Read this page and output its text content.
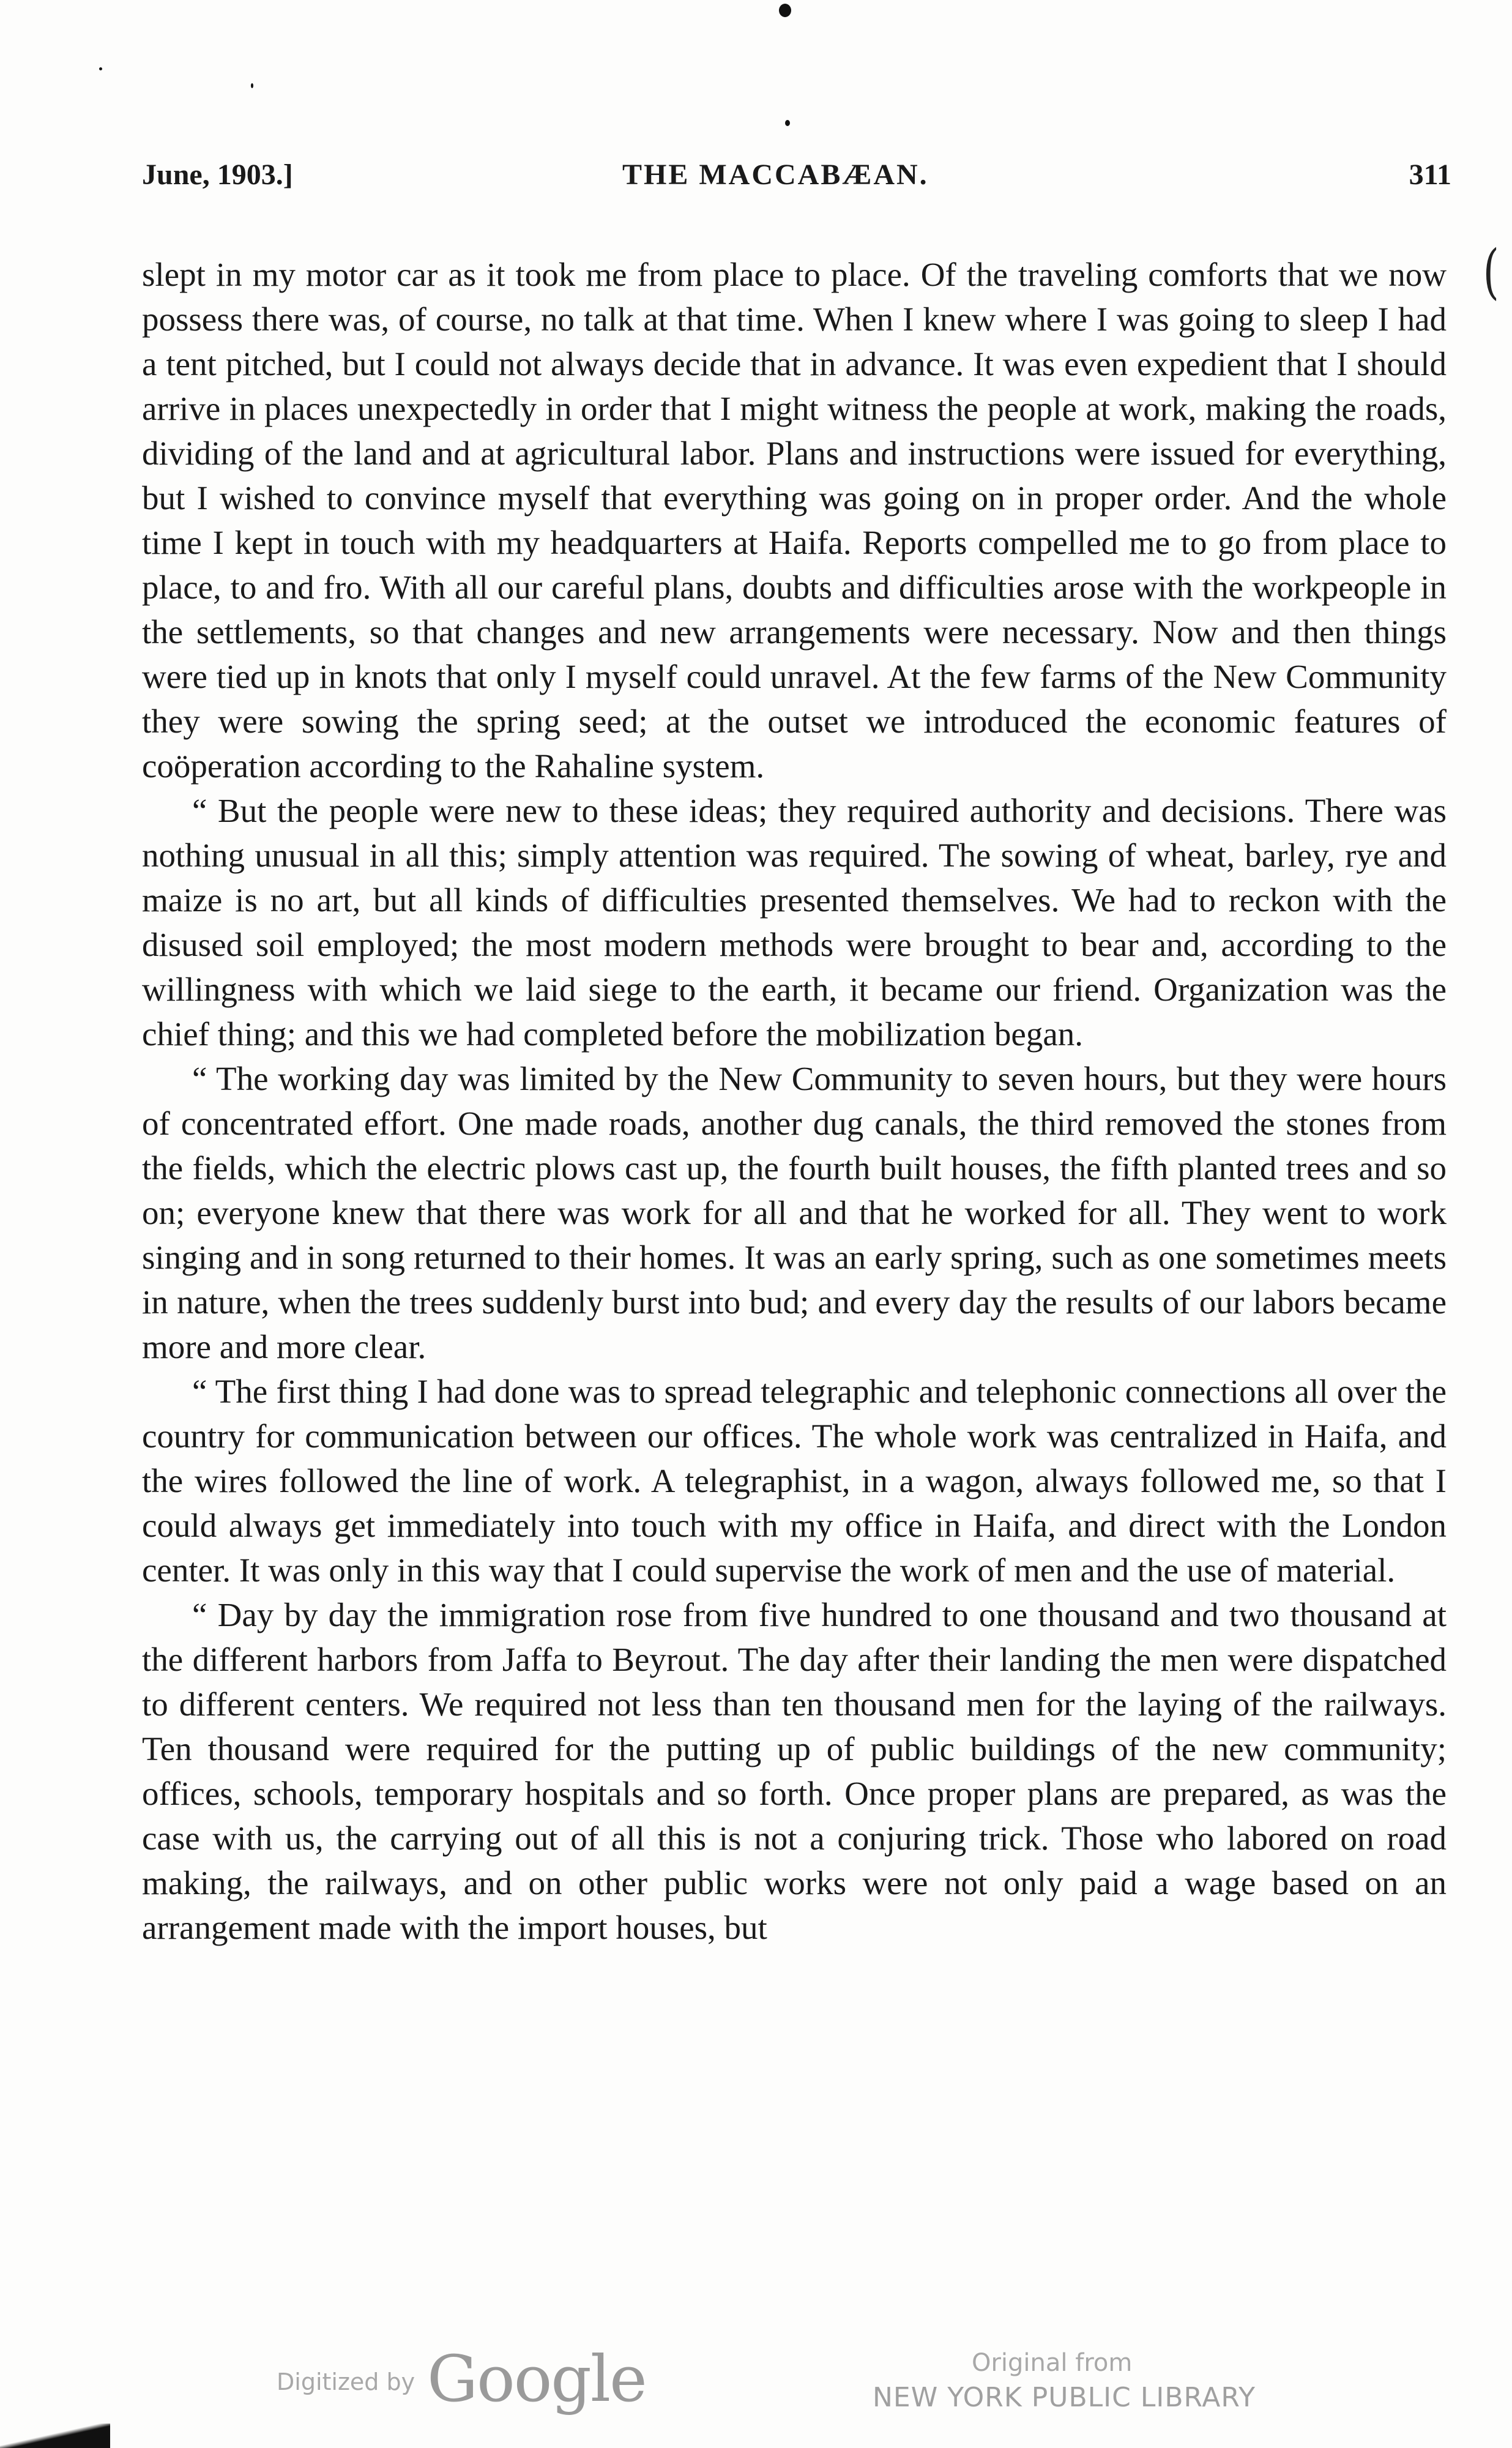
June, 1903.]	THE MACCABÆAN.	311
(

slept in my motor car as it took me from place to place. Of the traveling comforts that we now possess there was, of course, no talk at that time. When I knew where I was going to sleep I had a tent pitched, but I could not always decide that in advance. It was even expedient that I should arrive in places unexpectedly in order that I might witness the people at work, making the roads, dividing of the land and at agricultural labor. Plans and instructions were issued for everything, but I wished to convince myself that everything was going on in proper order. And the whole time I kept in touch with my headquarters at Haifa. Reports compelled me to go from place to place, to and fro. With all our careful plans, doubts and difficulties arose with the workpeople in the settlements, so that changes and new arrangements were necessary. Now and then things were tied up in knots that only I myself could unravel. At the few farms of the New Community they were sowing the spring seed; at the outset we introduced the economic features of coöperation according to the Rahaline system.

“ But the people were new to these ideas; they required authority and decisions. There was nothing unusual in all this; simply attention was required. The sowing of wheat, barley, rye and maize is no art, but all kinds of difficulties presented themselves. We had to reckon with the disused soil employed; the most modern methods were brought to bear and, according to the willingness with which we laid siege to the earth, it became our friend. Organization was the chief thing; and this we had completed before the mobilization began.

“ The working day was limited by the New Community to seven hours, but they were hours of concentrated effort. One made roads, another dug canals, the third removed the stones from the fields, which the electric plows cast up, the fourth built houses, the fifth planted trees and so on; everyone knew that there was work for all and that he worked for all. They went to work singing and in song returned to their homes. It was an early spring, such as one sometimes meets in nature, when the trees suddenly burst into bud; and every day the results of our labors became more and more clear.

“ The first thing I had done was to spread telegraphic and telephonic connections all over the country for communication between our offices. The whole work was centralized in Haifa, and the wires followed the line of work. A telegraphist, in a wagon, always followed me, so that I could always get immediately into touch with my office in Haifa, and direct with the London center. It was only in this way that I could supervise the work of men and the use of material.

“ Day by day the immigration rose from five hundred to one thousand and two thousand at the different harbors from Jaffa to Beyrout. The day after their landing the men were dispatched to different centers. We required not less than ten thousand men for the laying of the railways. Ten thousand were required for the putting up of public buildings of the new community; offices, schools, temporary hospitals and so forth. Once proper plans are prepared, as was the case with us, the carrying out of all this is not a conjuring trick. Those who labored on road making, the railways, and on other public works were not only paid a wage based on an arrangement made with the import houses, but

Digitized by Google	Original from
NEW YORK PUBLIC LIBRARY
